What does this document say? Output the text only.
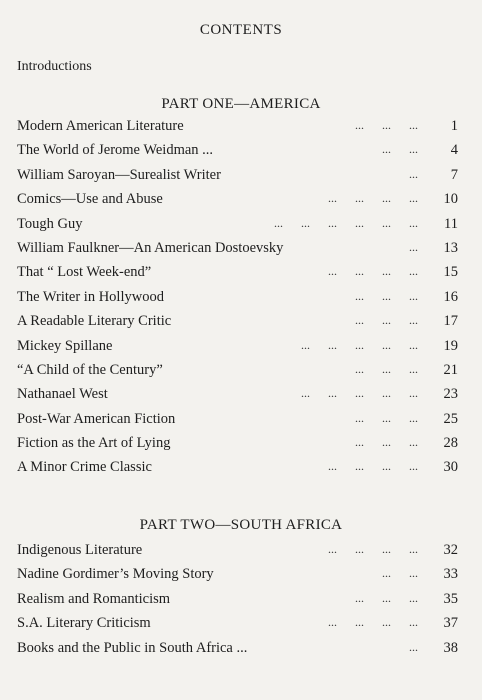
CONTENTS
Introductions
PART ONE—AMERICA
Modern American Literature	...      ...      ... 1
The World of Jerome Weidman ...	...      ... 4
William Saroyan—Surealist Writer	... 7
Comics—Use and Abuse	...      ...      ...      ... 10
Tough Guy	...      ...      ...      ...      ...      ... 11
William Faulkner—An American Dostoevsky	... 13
That “ Lost Week-end”	...      ...      ...      ... 15
The Writer in Hollywood	...      ...      ... 16
A Readable Literary Critic	...      ...      ... 17
Mickey Spillane	...      ...      ...      ...      ... 19
“A Child of the Century”	...      ...      ... 21
Nathanael West	...      ...      ...      ...      ... 23
Post-War American Fiction	...      ...      ... 25
Fiction as the Art of Lying	...      ...      ... 28
A Minor Crime Classic	...      ...      ...      ... 30
PART TWO—SOUTH AFRICA
Indigenous Literature	...      ...      ...      ... 32
Nadine Gordimer’s Moving Story	...      ... 33
Realism and Romanticism	...      ...      ... 35
S.A. Literary Criticism	...      ...      ...      ... 37
Books and the Public in South Africa ...	... 38
